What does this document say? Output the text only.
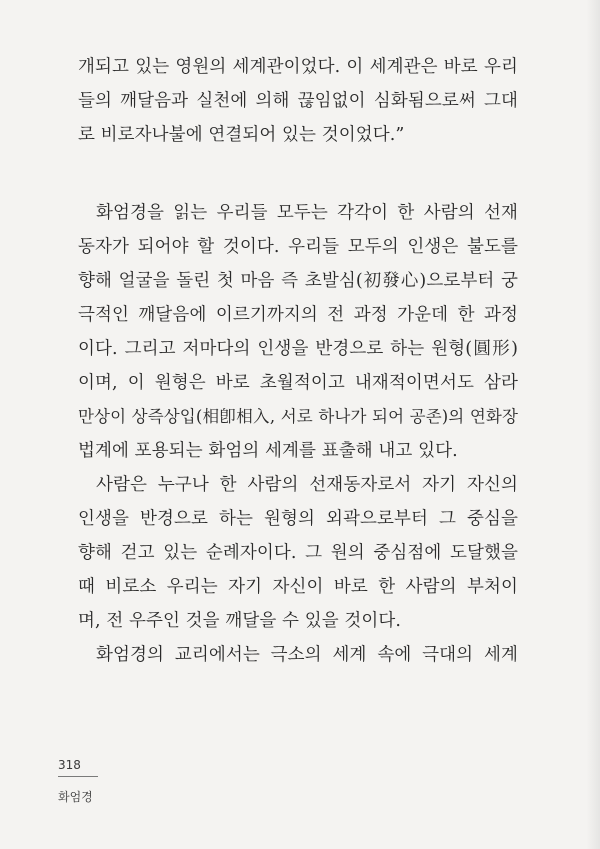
개되고 있는 영원의 세계관이었다. 이 세계관은 바로 우리
들의 깨달음과 실천에 의해 끊임없이 심화됨으로써 그대
로 비로자나불에 연결되어 있는 것이었다.”
화엄경을 읽는 우리들 모두는 각각이 한 사람의 선재
동자가 되어야 할 것이다. 우리들 모두의 인생은 불도를
향해 얼굴을 돌린 첫 마음 즉 초발심(初發心)으로부터 궁
극적인 깨달음에 이르기까지의 전 과정 가운데 한 과정
이다. 그리고 저마다의 인생을 반경으로 하는 원형(圓形)
이며, 이 원형은 바로 초월적이고 내재적이면서도 삼라
만상이 상즉상입(相卽相入, 서로 하나가 되어 공존)의 연화장
법계에 포용되는 화엄의 세계를 표출해 내고 있다.
사람은 누구나 한 사람의 선재동자로서 자기 자신의
인생을 반경으로 하는 원형의 외곽으로부터 그 중심을
향해 걷고 있는 순례자이다. 그 원의 중심점에 도달했을
때 비로소 우리는 자기 자신이 바로 한 사람의 부처이
며, 전 우주인 것을 깨달을 수 있을 것이다.
화엄경의 교리에서는 극소의 세계 속에 극대의 세계
318
화엄경
